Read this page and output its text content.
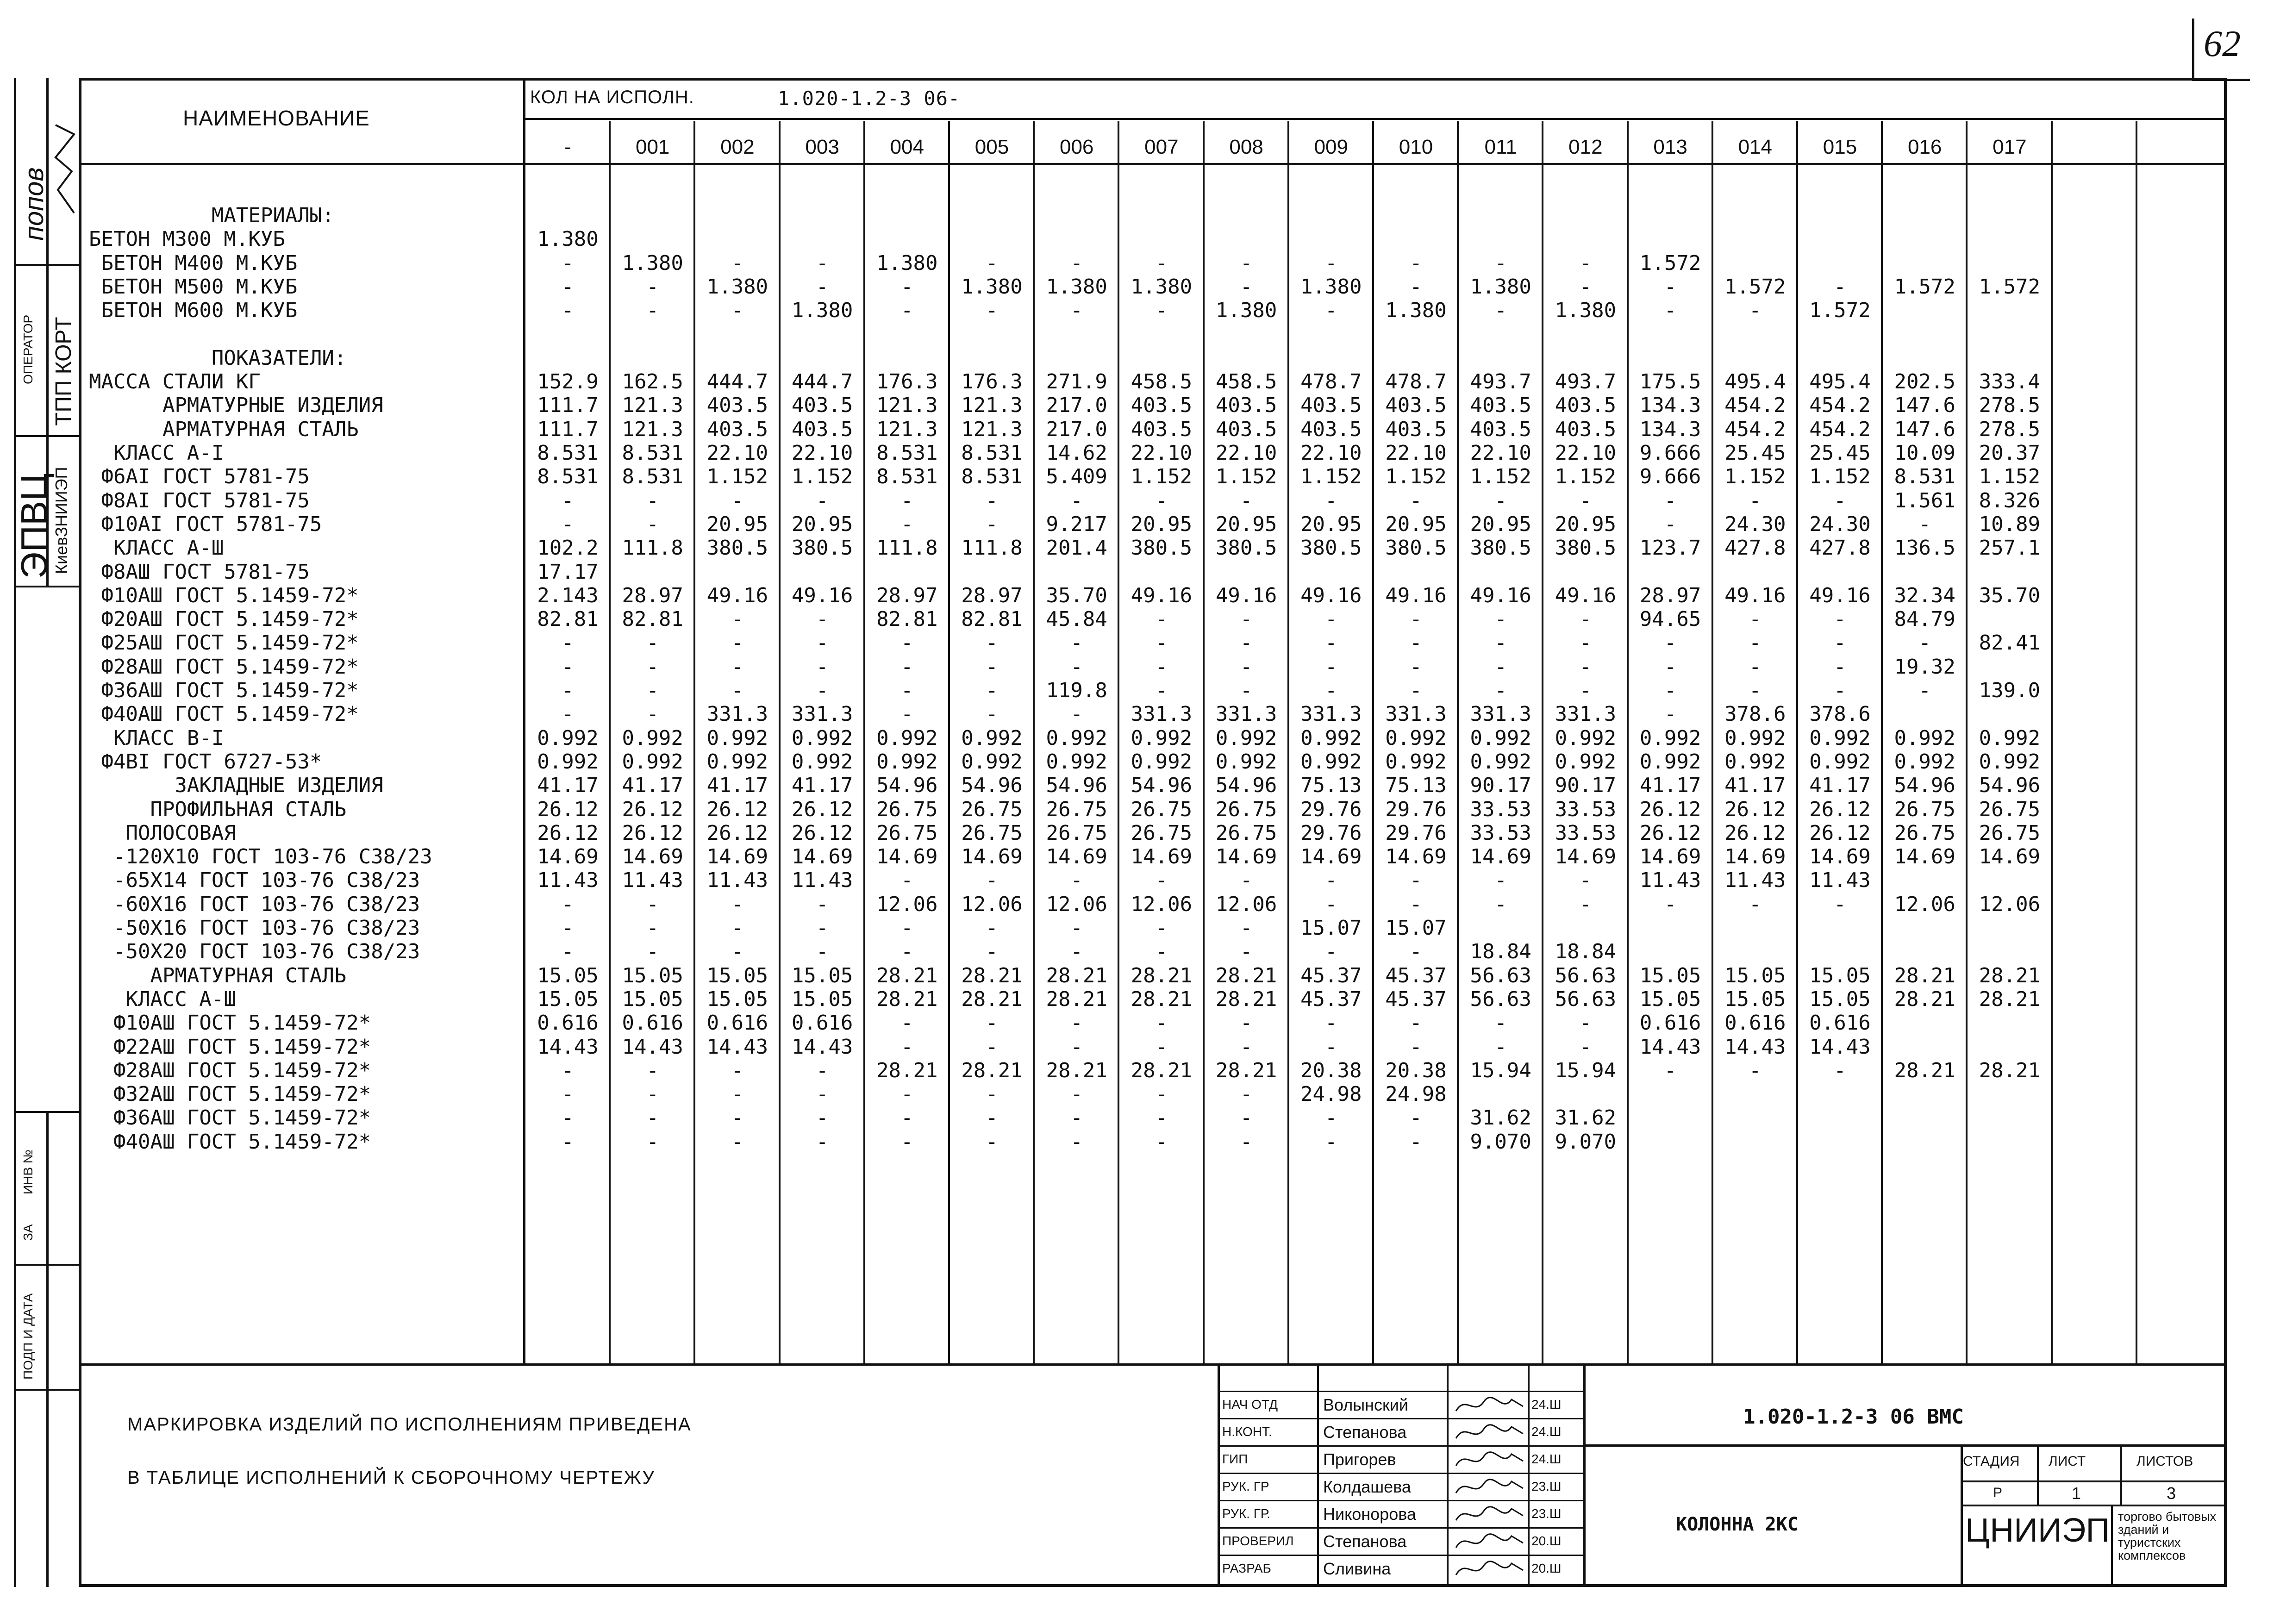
62
попов
ОПЕРАТОР ТПП КОРТ
ЭПВЦ
КиевЗНИИЭП
ИНВ №
ЗА
ПОДП И ДАТА
НАИМЕНОВАНИЕ
КОЛ НА ИСПОЛН.	1.020-1.2-3 06-
-	001	002	003	004	005	006	007	008	009	010	011	012	013	014	015	016	017
МАТЕРИАЛЫ:
БЕТОН М300 М.КУБ	1.380
БЕТОН М400 М.КУБ	-	1.380	-	-	1.380	-	-	-	-	-	-	-	-	1.572
БЕТОН М500 М.КУБ	-	-	1.380	-	-	1.380	1.380	1.380	-	1.380	-	1.380	-	-	1.572	-	1.572	1.572
БЕТОН М600 М.КУБ	-	-	-	1.380	-	-	-	-	1.380	-	1.380	-	1.380	-	-	1.572
ПОКАЗАТЕЛИ:
МАССА СТАЛИ КГ	152.9	162.5	444.7	444.7	176.3	176.3	271.9	458.5	458.5	478.7	478.7	493.7	493.7	175.5	495.4	495.4	202.5	333.4
АРМАТУРНЫЕ ИЗДЕЛИЯ	111.7	121.3	403.5	403.5	121.3	121.3	217.0	403.5	403.5	403.5	403.5	403.5	403.5	134.3	454.2	454.2	147.6	278.5
АРМАТУРНАЯ СТАЛЬ	111.7	121.3	403.5	403.5	121.3	121.3	217.0	403.5	403.5	403.5	403.5	403.5	403.5	134.3	454.2	454.2	147.6	278.5
КЛАСС А-I	8.531	8.531	22.10	22.10	8.531	8.531	14.62	22.10	22.10	22.10	22.10	22.10	22.10	9.666	25.45	25.45	10.09	20.37
Ф6АI ГОСТ 5781-75	8.531	8.531	1.152	1.152	8.531	8.531	5.409	1.152	1.152	1.152	1.152	1.152	1.152	9.666	1.152	1.152	8.531	1.152
Ф8АI ГОСТ 5781-75	-	-	-	-	-	-	-	-	-	-	-	-	-	-	-	-	1.561	8.326
Ф10АI ГОСТ 5781-75	-	-	20.95	20.95	-	-	9.217	20.95	20.95	20.95	20.95	20.95	20.95	-	24.30	24.30	-	10.89
КЛАСС А-Ш	102.2	111.8	380.5	380.5	111.8	111.8	201.4	380.5	380.5	380.5	380.5	380.5	380.5	123.7	427.8	427.8	136.5	257.1
Ф8АШ ГОСТ 5781-75	17.17
Ф10АШ ГОСТ 5.1459-72*	2.143	28.97	49.16	49.16	28.97	28.97	35.70	49.16	49.16	49.16	49.16	49.16	49.16	28.97	49.16	49.16	32.34	35.70
Ф20АШ ГОСТ 5.1459-72*	82.81	82.81	-	-	82.81	82.81	45.84	-	-	-	-	-	-	94.65	-	-	84.79
Ф25АШ ГОСТ 5.1459-72*	-	-	-	-	-	-	-	-	-	-	-	-	-	-	-	-	-	82.41
Ф28АШ ГОСТ 5.1459-72*	-	-	-	-	-	-	-	-	-	-	-	-	-	-	-	-	19.32
Ф36АШ ГОСТ 5.1459-72*	-	-	-	-	-	-	119.8	-	-	-	-	-	-	-	-	-	-	139.0
Ф40АШ ГОСТ 5.1459-72*	-	-	331.3	331.3	-	-	-	331.3	331.3	331.3	331.3	331.3	331.3	-	378.6	378.6
КЛАСС В-I	0.992	0.992	0.992	0.992	0.992	0.992	0.992	0.992	0.992	0.992	0.992	0.992	0.992	0.992	0.992	0.992	0.992	0.992
Ф4ВI ГОСТ 6727-53*	0.992	0.992	0.992	0.992	0.992	0.992	0.992	0.992	0.992	0.992	0.992	0.992	0.992	0.992	0.992	0.992	0.992	0.992
ЗАКЛАДНЫЕ ИЗДЕЛИЯ	41.17	41.17	41.17	41.17	54.96	54.96	54.96	54.96	54.96	75.13	75.13	90.17	90.17	41.17	41.17	41.17	54.96	54.96
ПРОФИЛЬНАЯ СТАЛЬ	26.12	26.12	26.12	26.12	26.75	26.75	26.75	26.75	26.75	29.76	29.76	33.53	33.53	26.12	26.12	26.12	26.75	26.75
ПОЛОСОВАЯ	26.12	26.12	26.12	26.12	26.75	26.75	26.75	26.75	26.75	29.76	29.76	33.53	33.53	26.12	26.12	26.12	26.75	26.75
-120Х10 ГОСТ 103-76 С38/23	14.69	14.69	14.69	14.69	14.69	14.69	14.69	14.69	14.69	14.69	14.69	14.69	14.69	14.69	14.69	14.69	14.69	14.69
-65Х14 ГОСТ 103-76 С38/23	11.43	11.43	11.43	11.43	-	-	-	-	-	-	-	-	-	11.43	11.43	11.43
-60Х16 ГОСТ 103-76 С38/23	-	-	-	-	12.06	12.06	12.06	12.06	12.06	-	-	-	-	-	-	-	12.06	12.06
-50Х16 ГОСТ 103-76 С38/23	-	-	-	-	-	-	-	-	-	15.07	15.07
-50Х20 ГОСТ 103-76 С38/23	-	-	-	-	-	-	-	-	-	-	-	18.84	18.84
АРМАТУРНАЯ СТАЛЬ	15.05	15.05	15.05	15.05	28.21	28.21	28.21	28.21	28.21	45.37	45.37	56.63	56.63	15.05	15.05	15.05	28.21	28.21
КЛАСС А-Ш	15.05	15.05	15.05	15.05	28.21	28.21	28.21	28.21	28.21	45.37	45.37	56.63	56.63	15.05	15.05	15.05	28.21	28.21
Ф10АШ ГОСТ 5.1459-72*	0.616	0.616	0.616	0.616	-	-	-	-	-	-	-	-	-	0.616	0.616	0.616
Ф22АШ ГОСТ 5.1459-72*	14.43	14.43	14.43	14.43	-	-	-	-	-	-	-	-	-	14.43	14.43	14.43
Ф28АШ ГОСТ 5.1459-72*	-	-	-	-	28.21	28.21	28.21	28.21	28.21	20.38	20.38	15.94	15.94	-	-	-	28.21	28.21
Ф32АШ ГОСТ 5.1459-72*	-	-	-	-	-	-	-	-	-	24.98	24.98
Ф36АШ ГОСТ 5.1459-72*	-	-	-	-	-	-	-	-	-	-	-	31.62	31.62
Ф40АШ ГОСТ 5.1459-72*	-	-	-	-	-	-	-	-	-	-	-	9.070	9.070
МАРКИРОВКА ИЗДЕЛИЙ ПО ИСПОЛНЕНИЯМ ПРИВЕДЕНА
В ТАБЛИЦЕ ИСПОЛНЕНИЙ К СБОРОЧНОМУ ЧЕРТЕЖУ
НАЧ ОТД	Волынский	24.Ш
Н.КОНТ.	Степанова	24.Ш
ГИП	Пригорев	24.Ш
РУК. ГР	Колдашева	23.Ш
РУК. ГР.	Никонорова	23.Ш
ПРОВЕРИЛ Степанова	20.Ш
РАЗРАБ	Сливина	20.Ш
1.020-1.2-3 06 ВМС
КОЛОННА 2КС
СТАДИЯ ЛИСТ	ЛИСТОВ
Р	1	3
ЦНИИЭП торгово бытовых зданий и туристских комплексов
